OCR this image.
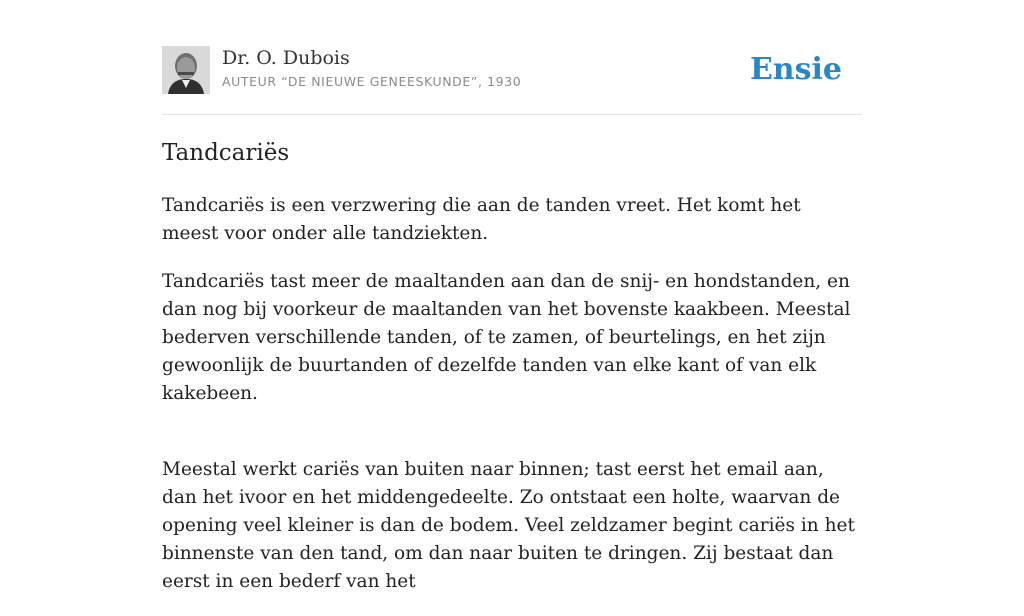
Dr. O. Dubois
AUTEUR “DE NIEUWE GENEESKUNDE”, 1930	Ensie
Tandcariës

Tandcariës is een verzwering die aan de tanden vreet. Het komt het meest voor onder alle tandziekten.

Tandcariës tast meer de maaltanden aan dan de snij- en hondstanden, en dan nog bij voorkeur de maaltanden van het bovenste kaakbeen. Meestal bederven verschillende tanden, of te zamen, of beurtelings, en het zijn gewoonlijk de buurtanden of dezelfde tanden van elke kant of van elk kakebeen.

Meestal werkt cariës van buiten naar binnen; tast eerst het email aan, dan het ivoor en het middengedeelte. Zo ontstaat een holte, waarvan de opening veel kleiner is dan de bodem. Veel zeldzamer begint cariës in het binnenste van den tand, om dan naar buiten te dringen. Zij bestaat dan eerst in een bederf van het
